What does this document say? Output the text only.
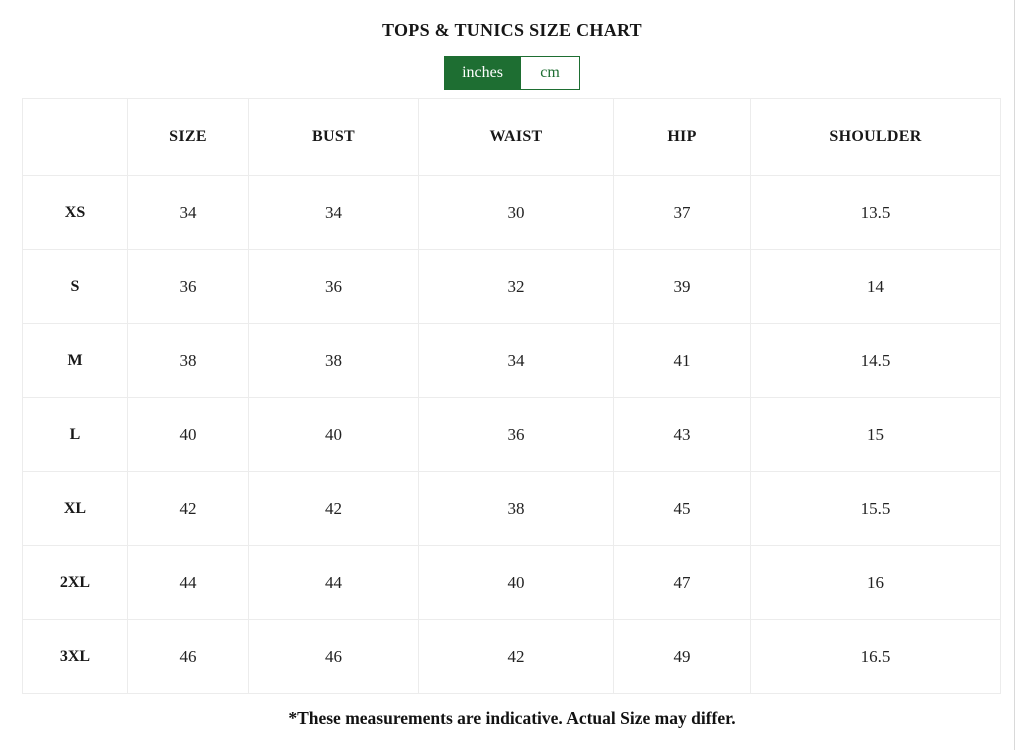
TOPS & TUNICS SIZE CHART
inches	cm
	SIZE	BUST	WAIST	HIP	SHOULDER
XS	34	34	30	37	13.5
S	36	36	32	39	14
M	38	38	34	41	14.5
L	40	40	36	43	15
XL	42	42	38	45	15.5
2XL	44	44	40	47	16
3XL	46	46	42	49	16.5
*These measurements are indicative. Actual Size may differ.
